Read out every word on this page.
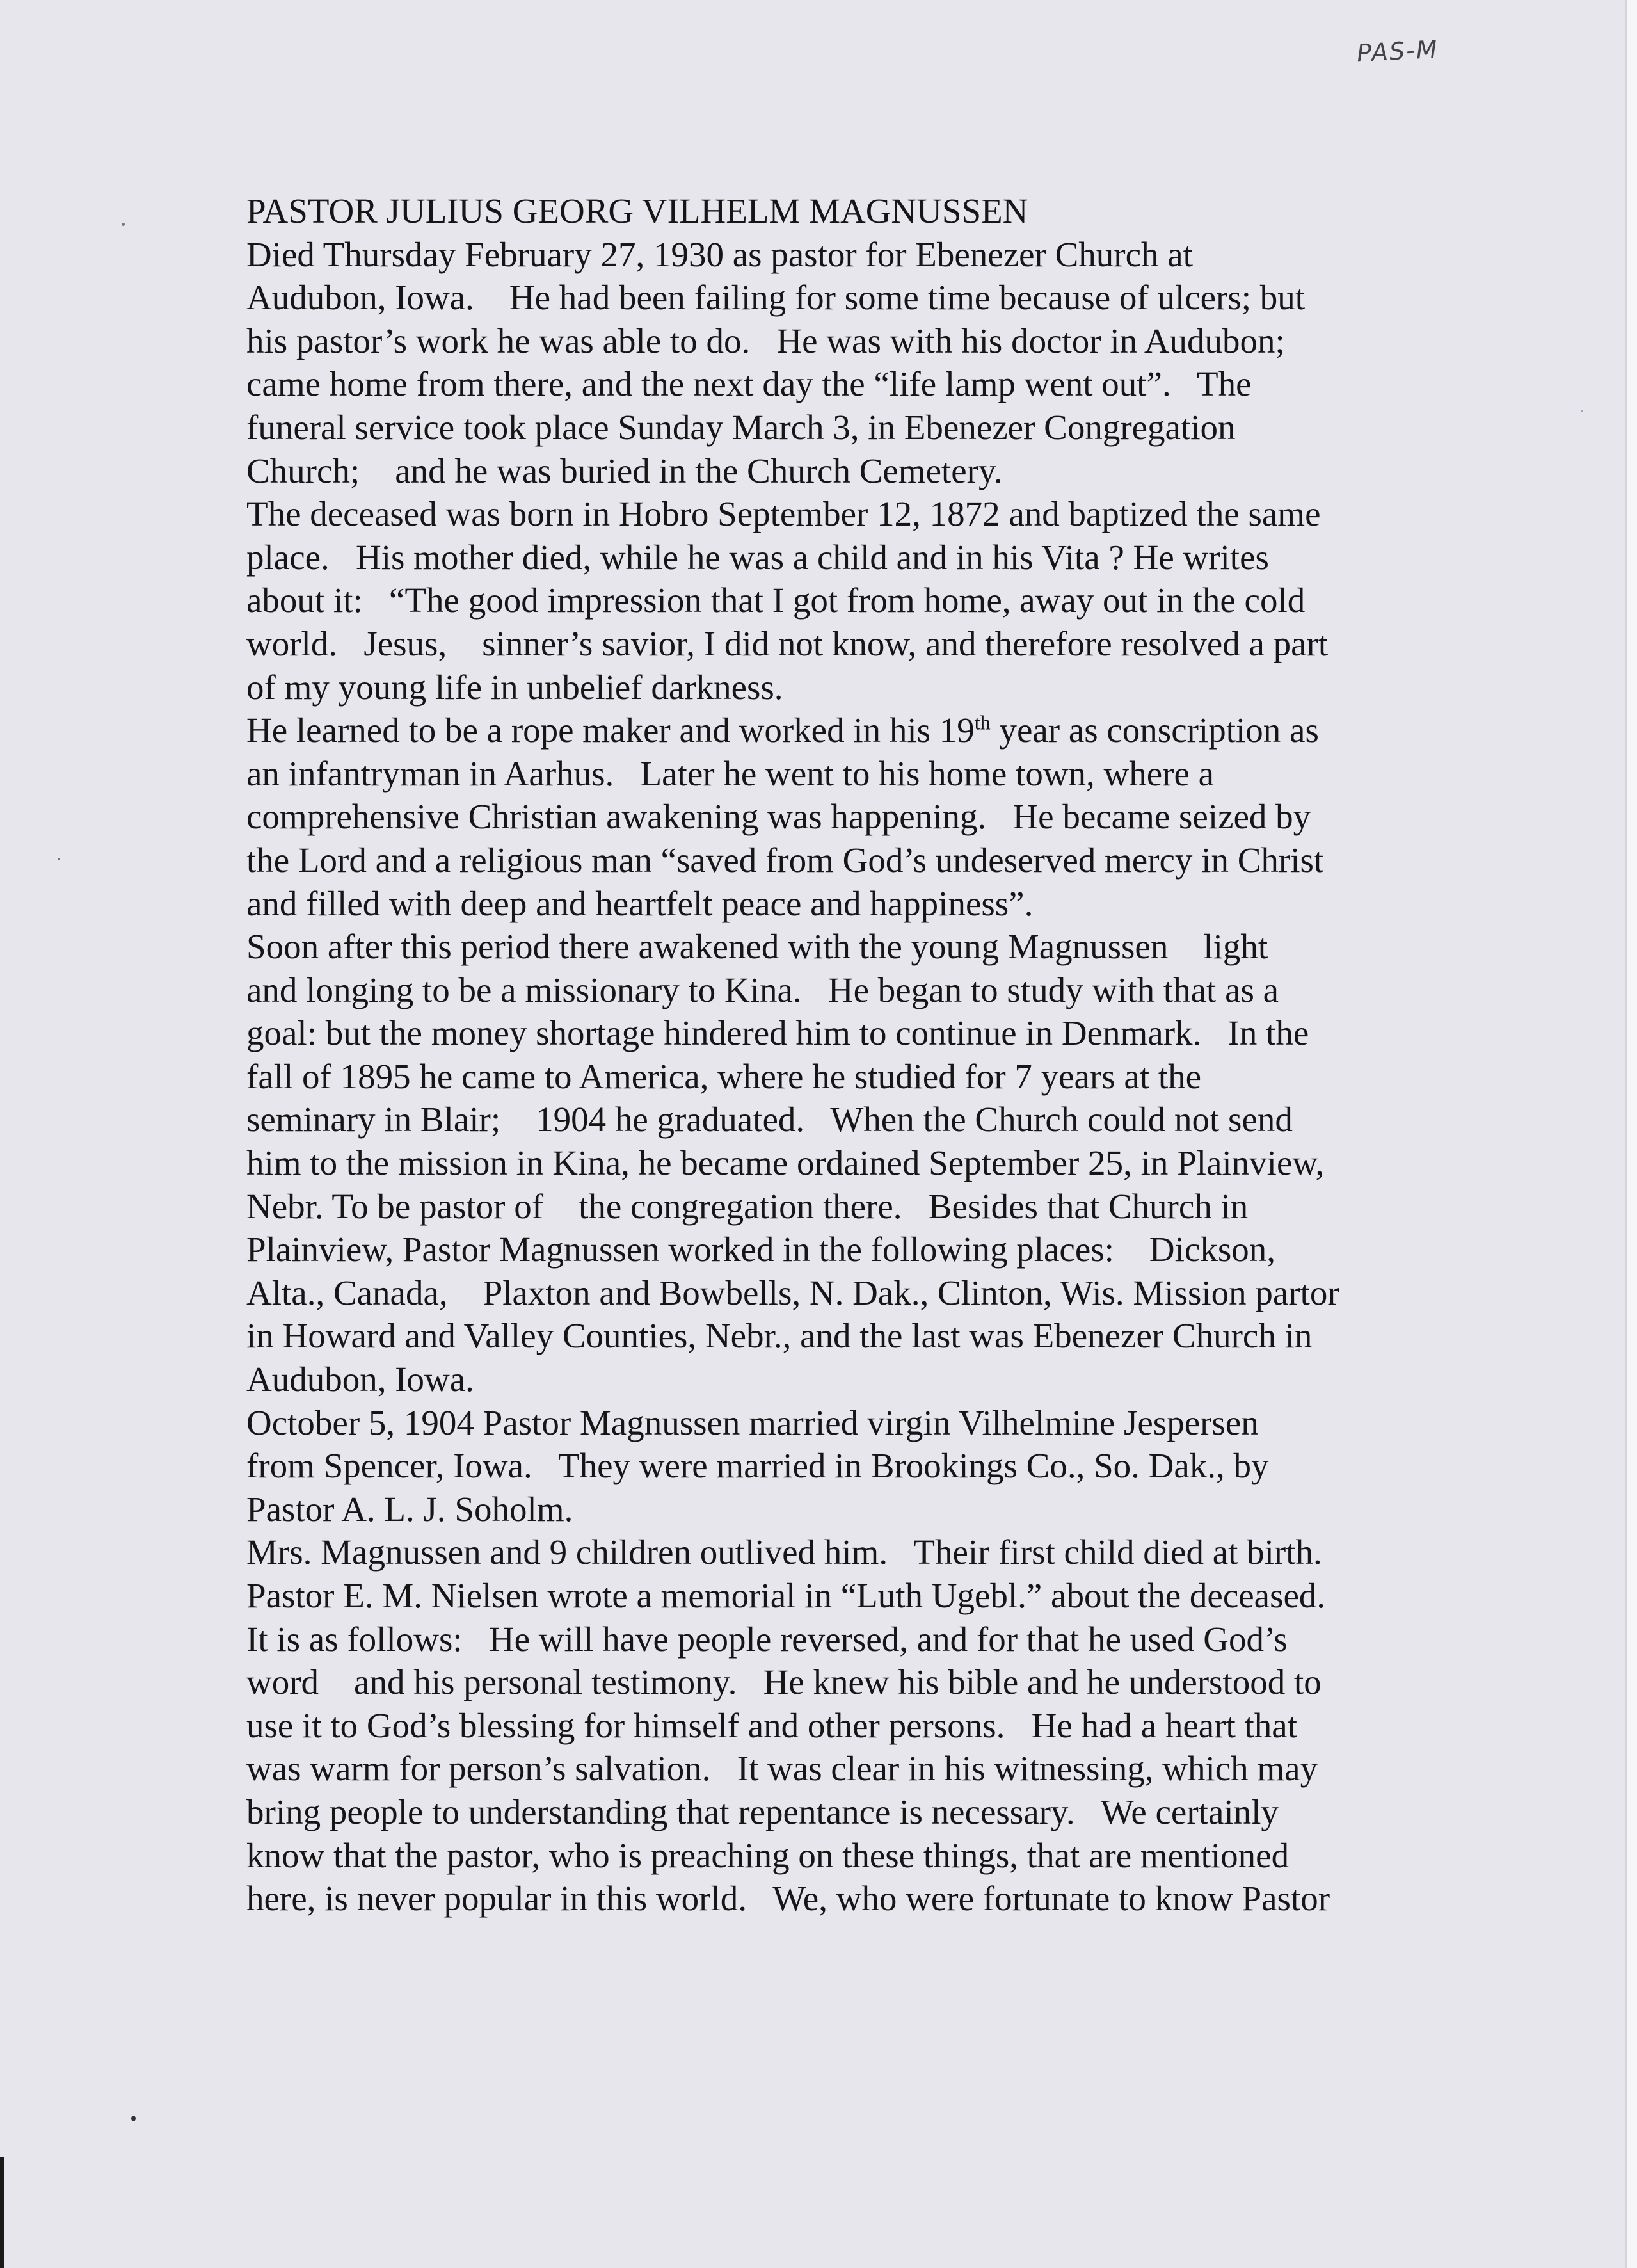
PAS-M
PASTOR JULIUS GEORG VILHELM MAGNUSSEN
Died Thursday February 27, 1930 as pastor for Ebenezer Church at
Audubon, Iowa.    He had been failing for some time because of ulcers; but
his pastor’s work he was able to do.   He was with his doctor in Audubon;
came home from there, and the next day the “life lamp went out”.   The
funeral service took place Sunday March 3, in Ebenezer Congregation
Church;    and he was buried in the Church Cemetery.
The deceased was born in Hobro September 12, 1872 and baptized the same
place.   His mother died, while he was a child and in his Vita ? He writes
about it:   “The good impression that I got from home, away out in the cold
world.   Jesus,    sinner’s savior, I did not know, and therefore resolved a part
of my young life in unbelief darkness.
He learned to be a rope maker and worked in his 19th year as conscription as
an infantryman in Aarhus.   Later he went to his home town, where a
comprehensive Christian awakening was happening.   He became seized by
the Lord and a religious man “saved from God’s undeserved mercy in Christ
and filled with deep and heartfelt peace and happiness”.
Soon after this period there awakened with the young Magnussen    light
and longing to be a missionary to Kina.   He began to study with that as a
goal: but the money shortage hindered him to continue in Denmark.   In the
fall of 1895 he came to America, where he studied for 7 years at the
seminary in Blair;    1904 he graduated.   When the Church could not send
him to the mission in Kina, he became ordained September 25, in Plainview,
Nebr. To be pastor of    the congregation there.   Besides that Church in
Plainview, Pastor Magnussen worked in the following places:    Dickson,
Alta., Canada,    Plaxton and Bowbells, N. Dak., Clinton, Wis. Mission partor
in Howard and Valley Counties, Nebr., and the last was Ebenezer Church in
Audubon, Iowa.
October 5, 1904 Pastor Magnussen married virgin Vilhelmine Jespersen
from Spencer, Iowa.   They were married in Brookings Co., So. Dak., by
Pastor A. L. J. Soholm.
Mrs. Magnussen and 9 children outlived him.   Their first child died at birth.
Pastor E. M. Nielsen wrote a memorial in “Luth Ugebl.” about the deceased.
It is as follows:   He will have people reversed, and for that he used God’s
word    and his personal testimony.   He knew his bible and he understood to
use it to God’s blessing for himself and other persons.   He had a heart that
was warm for person’s salvation.   It was clear in his witnessing, which may
bring people to understanding that repentance is necessary.   We certainly
know that the pastor, who is preaching on these things, that are mentioned
here, is never popular in this world.   We, who were fortunate to know Pastor
